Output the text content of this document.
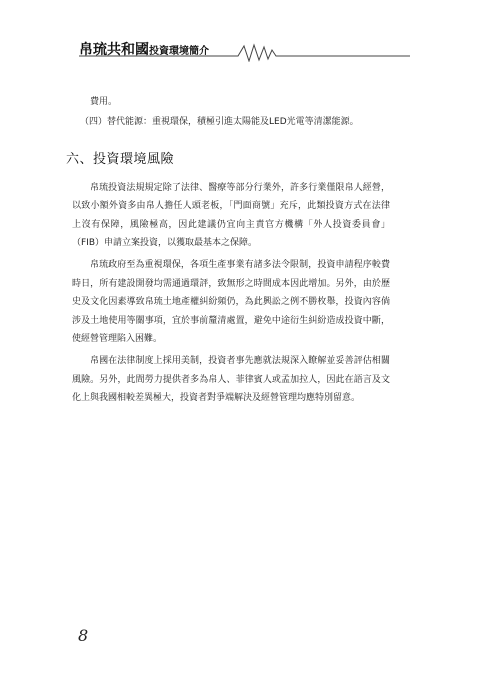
帛琉共和國投資環境簡介

費用。

（四）替代能源：重視環保，積極引進太陽能及LED光電等清潔能源。

六、投資環境風險

帛琉投資法規規定除了法律、醫療等部分行業外，許多行業僅限帛人經營，以致小額外資多由帛人擔任人頭老板，「門面商號」充斥，此類投資方式在法律上沒有保障，風險極高，因此建議仍宜向主責官方機構「外人投資委員會」（FIB）申請立案投資，以獲取最基本之保障。

帛琉政府至為重視環保，各項生產事業有諸多法令限制，投資申請程序較費時日，所有建設開發均需通過環評，致無形之時間成本因此增加。另外，由於歷史及文化因素導致帛琉土地產權糾紛頻仍，為此興訟之例不勝枚舉，投資內容倘涉及土地使用等關事項，宜於事前釐清處置，避免中途衍生糾紛造成投資中斷，使經營管理陷入困難。

帛國在法律制度上採用美制，投資者事先應就法規深入瞭解並妥善評估相關風險。另外，此間勞力提供者多為帛人、菲律賓人或孟加拉人，因此在語言及文化上與我國相較差異極大，投資者對爭端解決及經營管理均應特別留意。

8
